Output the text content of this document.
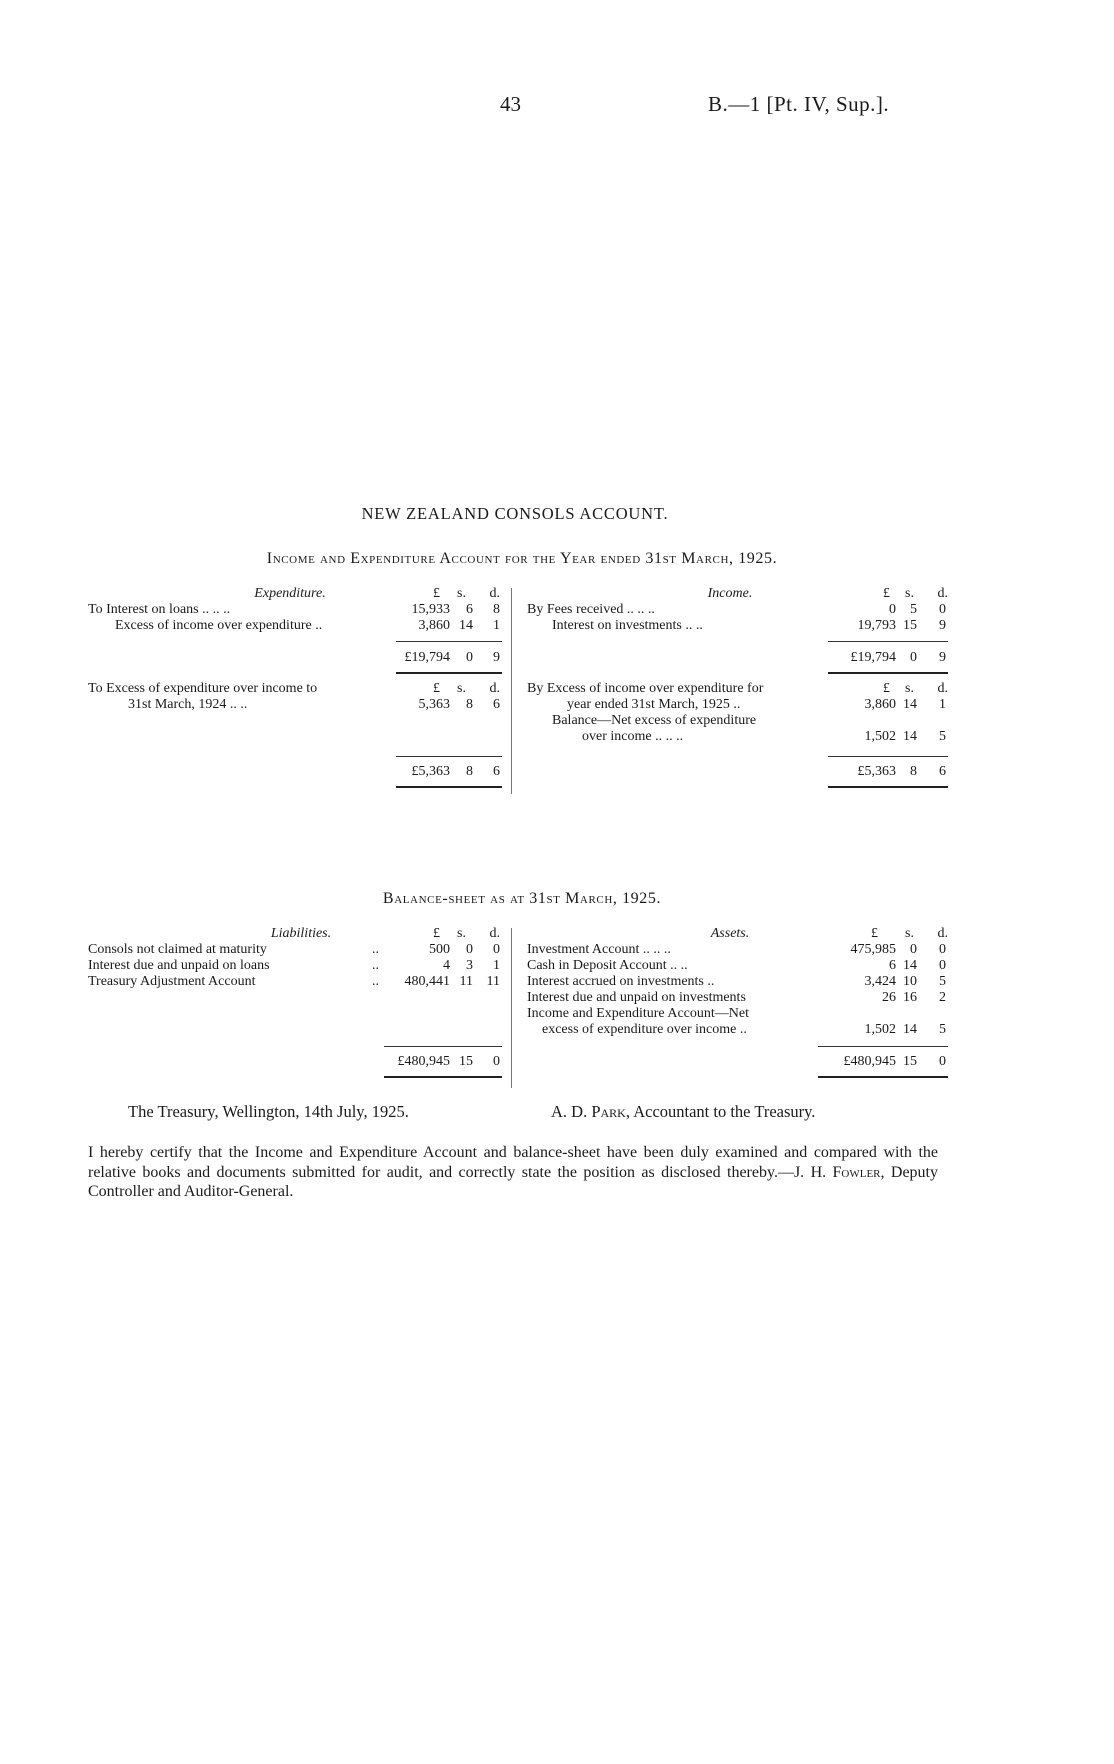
43	B.—1 [Pt. IV, Sup.].
NEW ZEALAND CONSOLS ACCOUNT.
Income and Expenditure Account for the Year ended 31st March, 1925.
Expenditure.	£	s.	d.
To Interest on loans .. .. ..	15,933	6	8
Excess of income over expenditure ..	3,860 14	1
£19,794	0	9
To Excess of expenditure over income to	£	s.	d.
31st March, 1924 .. ..	5,363	8	6
£5,363	8	6
Income.	£	s.	d.
By Fees received .. .. ..	0	5	0
Interest on investments .. ..	19,793 15	9
£19,794	0	9
By Excess of income over expenditure for	£	s.	d.
year ended 31st March, 1925 ..	3,860 14	1
Balance—Net excess of expenditure
over income .. .. ..	1,502 14	5
£5,363	8	6
Balance-sheet as at 31st March, 1925.
Liabilities.	£	s.	d.
Consols not claimed at maturity	..	500	0	0
Interest due and unpaid on loans	..	4	3	1
Treasury Adjustment Account	..	480,441 11 11
£480,945 15	0
Assets.	£	s.	d.
Investment Account .. .. ..	475,985	0	0
Cash in Deposit Account .. ..	6 14	0
Interest accrued on investments ..	3,424 10	5
Interest due and unpaid on investments	26 16	2
Income and Expenditure Account—Net
excess of expenditure over income ..	1,502 14	5
£480,945 15	0
The Treasury, Wellington, 14th July, 1925.	A. D. Park, Accountant to the Treasury.
I hereby certify that the Income and Expenditure Account and balance-sheet have been duly examined and compared with the relative books and documents submitted for audit, and correctly state the position as disclosed thereby.—J. H. Fowler, Deputy Controller and Auditor-General.
